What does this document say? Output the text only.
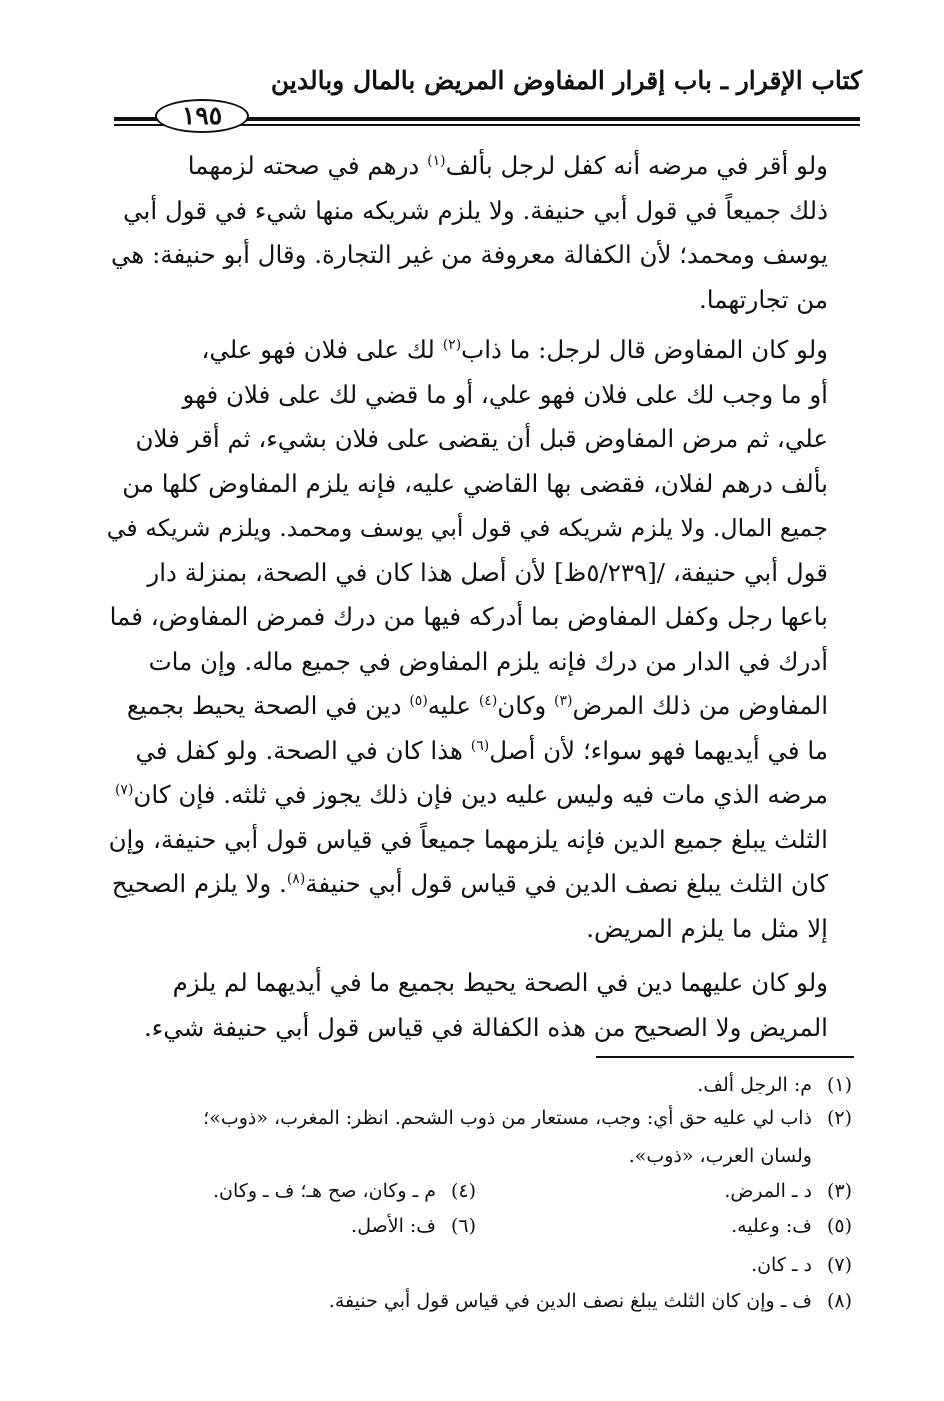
كتاب الإقرار ـ باب إقرار المفاوض المريض بالمال وبالدين
١٩٥

ولو أقر في مرضه أنه كفل لرجل بألف$^{(١)}$ درهم في صحته لزمهما
ذلك جميعاً في قول أبي حنيفة. ولا يلزم شريكه منها شيء في قول أبي
يوسف ومحمد؛ لأن الكفالة معروفة من غير التجارة. وقال أبو حنيفة: هي
من تجارتهما.

ولو كان المفاوض قال لرجل: ما ذاب$^{(٢)}$ لك على فلان فهو علي،
أو ما وجب لك على فلان فهو علي، أو ما قضي لك على فلان فهو
علي، ثم مرض المفاوض قبل أن يقضى على فلان بشيء، ثم أقر فلان
بألف درهم لفلان، فقضى بها القاضي عليه، فإنه يلزم المفاوض كلها من
جميع المال. ولا يلزم شريكه في قول أبي يوسف ومحمد. ويلزم شريكه في
قول أبي حنيفة، /[٥/٢٣٩ظ] لأن أصل هذا كان في الصحة، بمنزلة دار
باعها رجل وكفل المفاوض بما أدركه فيها من درك فمرض المفاوض، فما
أدرك في الدار من درك فإنه يلزم المفاوض في جميع ماله. وإن مات
المفاوض من ذلك المرض$^{(٣)}$ وكان$^{(٤)}$ عليه$^{(٥)}$ دين في الصحة يحيط بجميع
ما في أيديهما فهو سواء؛ لأن أصل$^{(٦)}$ هذا كان في الصحة. ولو كفل في
مرضه الذي مات فيه وليس عليه دين فإن ذلك يجوز في ثلثه. فإن كان$^{(٧)}$
الثلث يبلغ جميع الدين فإنه يلزمهما جميعاً في قياس قول أبي حنيفة، وإن
كان الثلث يبلغ نصف الدين في قياس قول أبي حنيفة$^{(٨)}$. ولا يلزم الصحيح
إلا مثل ما يلزم المريض.

ولو كان عليهما دين في الصحة يحيط بجميع ما في أيديهما لم يلزم
المريض ولا الصحيح من هذه الكفالة في قياس قول أبي حنيفة شيء.

(١)م: الرجل ألف.
(٢)ذاب لي عليه حق أي: وجب، مستعار من ذوب الشحم. انظر: المغرب، «ذوب»؛
ولسان العرب، «ذوب».
(٣)د ـ المرض.
(٤)م ـ وكان، صح هـ؛ ف ـ وكان.
(٥)ف: وعليه.
(٦)ف: الأصل.
(٧)د ـ كان.
(٨)ف ـ وإن كان الثلث يبلغ نصف الدين في قياس قول أبي حنيفة.
